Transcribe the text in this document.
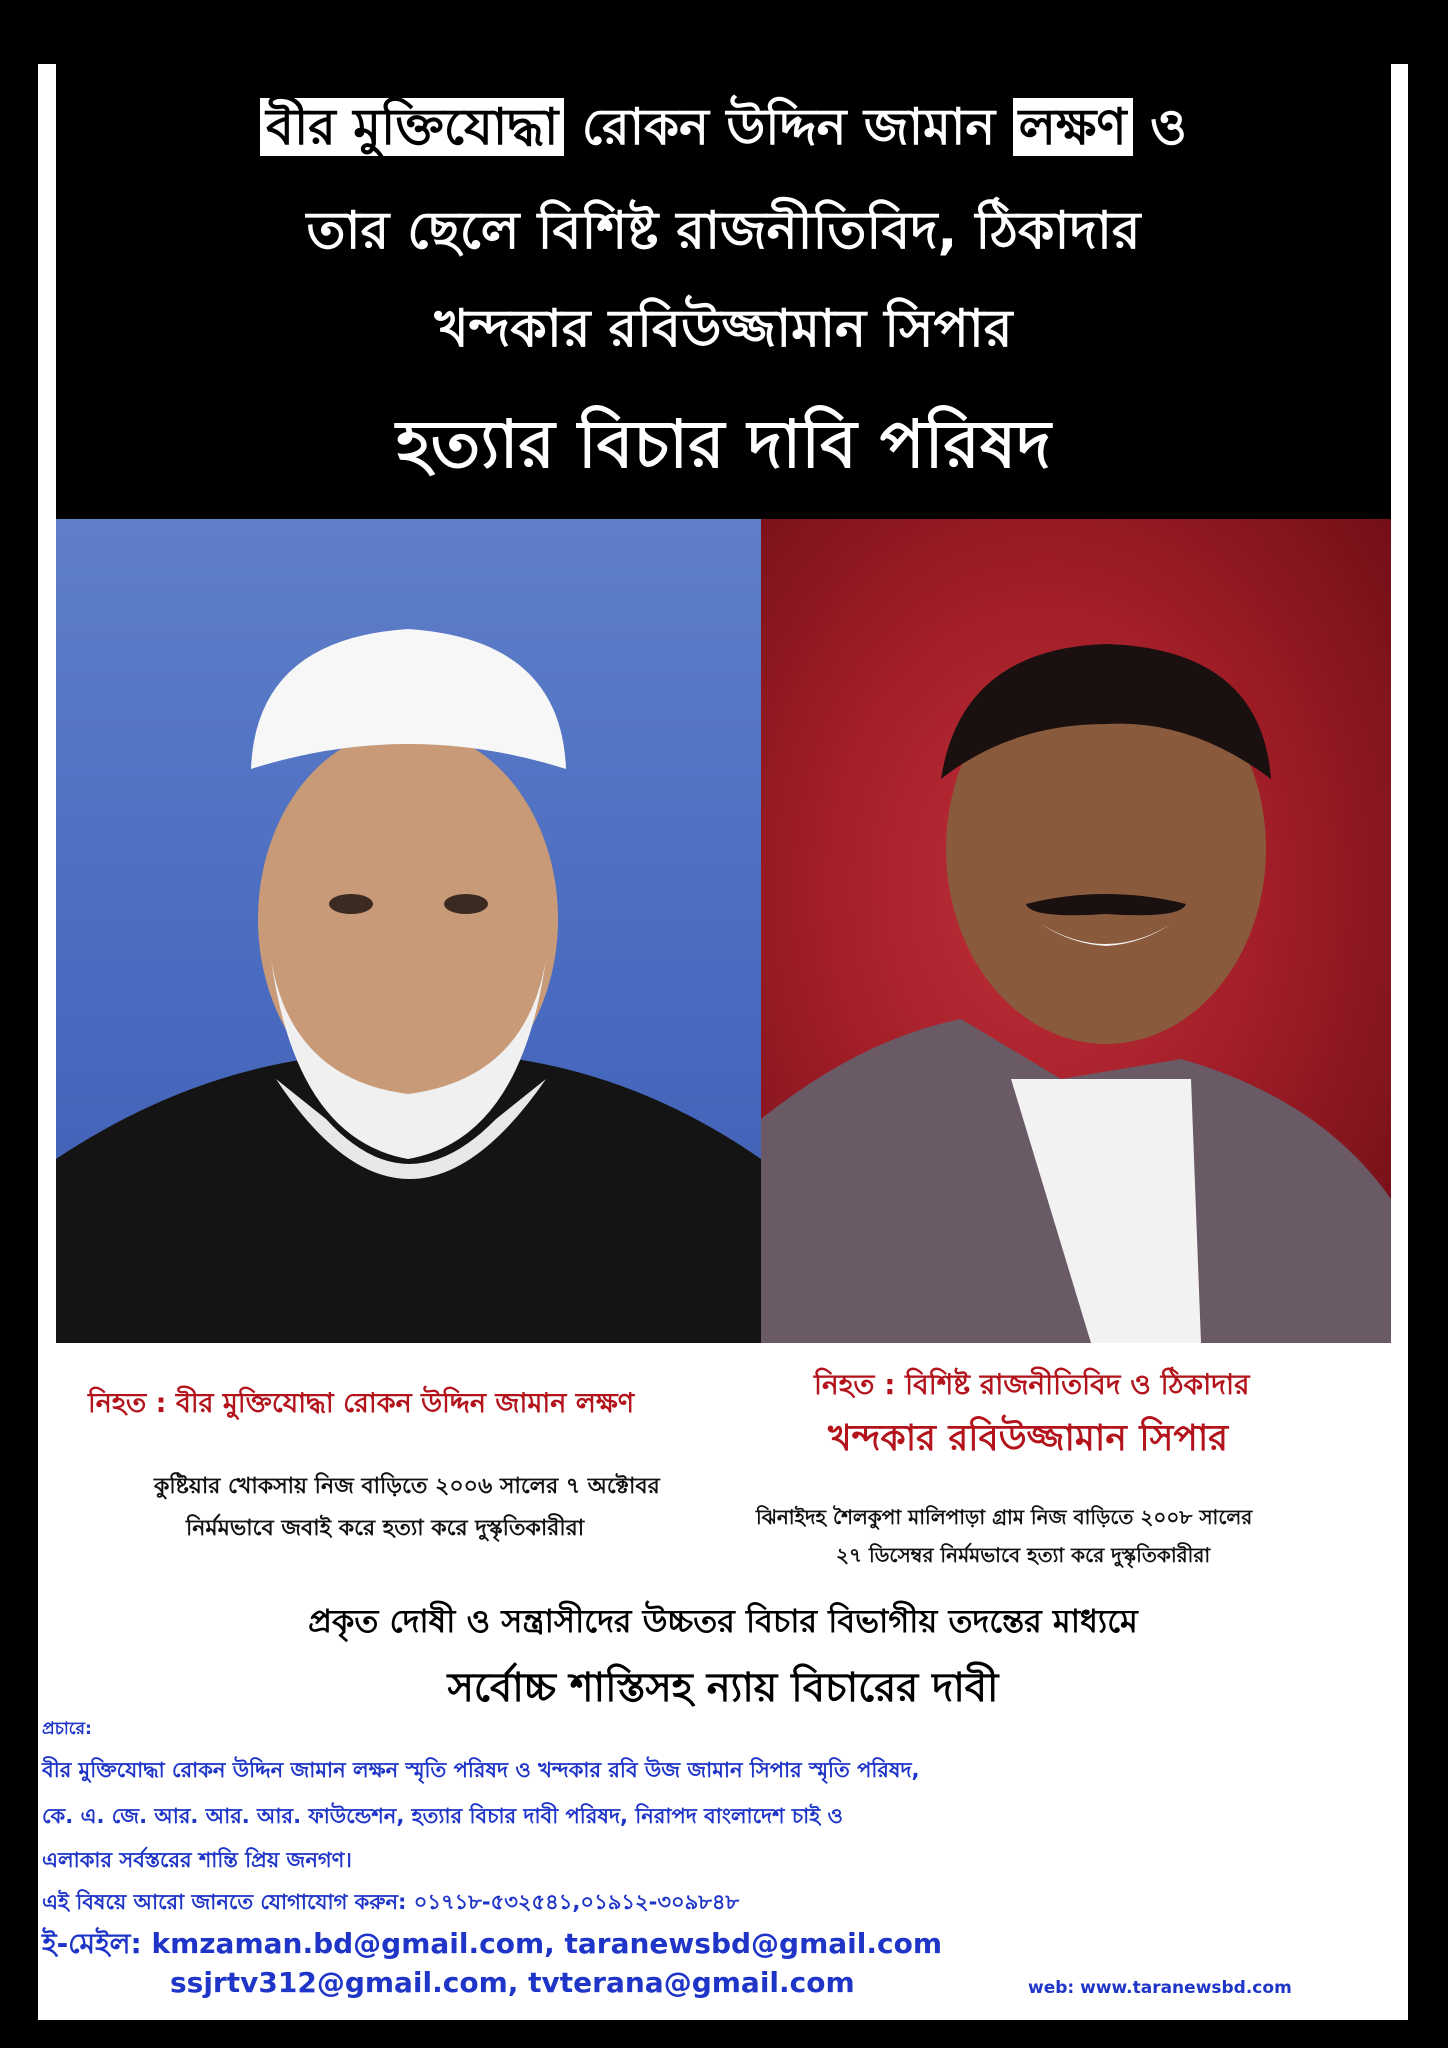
বীর মুক্তিযোদ্ধা রোকন উদ্দিন জামান লক্ষণ ও
তার ছেলে বিশিষ্ট রাজনীতিবিদ, ঠিকাদার
খন্দকার রবিউজ্জামান সিপার
হত্যার বিচার দাবি পরিষদ
নিহত : বীর মুক্তিযোদ্ধা রোকন উদ্দিন জামান লক্ষণ
কুষ্টিয়ার খোকসায় নিজ বাড়িতে ২০০৬ সালের ৭ অক্টোবর
নির্মমভাবে জবাই করে হত্যা করে দুস্কৃতিকারীরা
নিহত : বিশিষ্ট রাজনীতিবিদ ও ঠিকাদার
খন্দকার রবিউজ্জামান সিপার
ঝিনাইদহ শৈলকুপা মালিপাড়া গ্রাম নিজ বাড়িতে ২০০৮ সালের
২৭ ডিসেম্বর নির্মমভাবে হত্যা করে দুস্কৃতিকারীরা
প্রকৃত দোষী ও সন্ত্রাসীদের উচ্চতর বিচার বিভাগীয় তদন্তের মাধ্যমে
সর্বোচ্চ শাস্তিসহ ন্যায় বিচারের দাবী
প্রচারে:
বীর মুক্তিযোদ্ধা রোকন উদ্দিন জামান লক্ষন স্মৃতি পরিষদ ও খন্দকার রবি উজ জামান সিপার স্মৃতি পরিষদ,
কে. এ. জে. আর. আর. আর. ফাউন্ডেশন, হত্যার বিচার দাবী পরিষদ, নিরাপদ বাংলাদেশ চাই ও
এলাকার সর্বস্তরের শান্তি প্রিয় জনগণ।
এই বিষয়ে আরো জানতে যোগাযোগ করুন: ০১৭১৮-৫৩২৫৪১,০১৯১২-৩০৯৮৪৮
ই-মেইল: kmzaman.bd@gmail.com, taranewsbd@gmail.com
ssjrtv312@gmail.com, tvterana@gmail.com	web: www.taranewsbd.com
